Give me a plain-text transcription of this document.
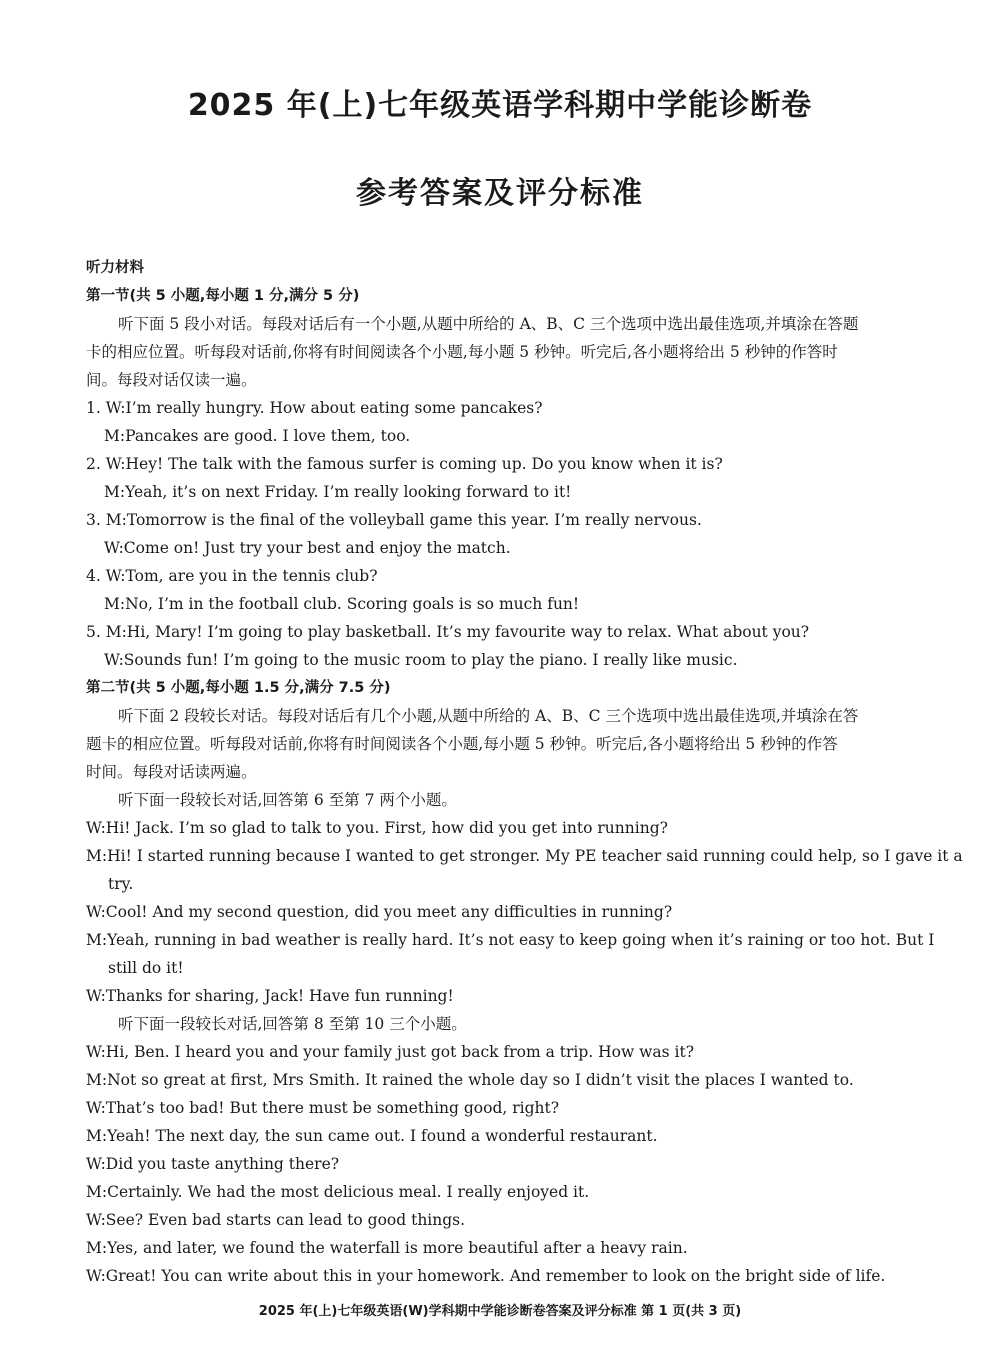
2025 年(上)七年级英语学科期中学能诊断卷
参考答案及评分标准
听力材料
第一节(共 5 小题,每小题 1 分,满分 5 分)
听下面 5 段小对话。每段对话后有一个小题,从题中所给的 A、B、C 三个选项中选出最佳选项,并填涂在答题
卡的相应位置。听每段对话前,你将有时间阅读各个小题,每小题 5 秒钟。听完后,各小题将给出 5 秒钟的作答时
间。每段对话仅读一遍。
1. W:I’m really hungry. How about eating some pancakes?
M:Pancakes are good. I love them, too.
2. W:Hey! The talk with the famous surfer is coming up. Do you know when it is?
M:Yeah, it’s on next Friday. I’m really looking forward to it!
3. M:Tomorrow is the final of the volleyball game this year. I’m really nervous.
W:Come on! Just try your best and enjoy the match.
4. W:Tom, are you in the tennis club?
M:No, I’m in the football club. Scoring goals is so much fun!
5. M:Hi, Mary! I’m going to play basketball. It’s my favourite way to relax. What about you?
W:Sounds fun! I’m going to the music room to play the piano. I really like music.
第二节(共 5 小题,每小题 1.5 分,满分 7.5 分)
听下面 2 段较长对话。每段对话后有几个小题,从题中所给的 A、B、C 三个选项中选出最佳选项,并填涂在答
题卡的相应位置。听每段对话前,你将有时间阅读各个小题,每小题 5 秒钟。听完后,各小题将给出 5 秒钟的作答
时间。每段对话读两遍。
听下面一段较长对话,回答第 6 至第 7 两个小题。
W:Hi! Jack. I’m so glad to talk to you. First, how did you get into running?
M:Hi! I started running because I wanted to get stronger. My PE teacher said running could help, so I gave it a
try.
W:Cool! And my second question, did you meet any difficulties in running?
M:Yeah, running in bad weather is really hard. It’s not easy to keep going when it’s raining or too hot. But I
still do it!
W:Thanks for sharing, Jack! Have fun running!
听下面一段较长对话,回答第 8 至第 10 三个小题。
W:Hi, Ben. I heard you and your family just got back from a trip. How was it?
M:Not so great at first, Mrs Smith. It rained the whole day so I didn’t visit the places I wanted to.
W:That’s too bad! But there must be something good, right?
M:Yeah! The next day, the sun came out. I found a wonderful restaurant.
W:Did you taste anything there?
M:Certainly. We had the most delicious meal. I really enjoyed it.
W:See? Even bad starts can lead to good things.
M:Yes, and later, we found the waterfall is more beautiful after a heavy rain.
W:Great! You can write about this in your homework. And remember to look on the bright side of life.
2025 年(上)七年级英语(W)学科期中学能诊断卷答案及评分标准 第 1 页(共 3 页)
